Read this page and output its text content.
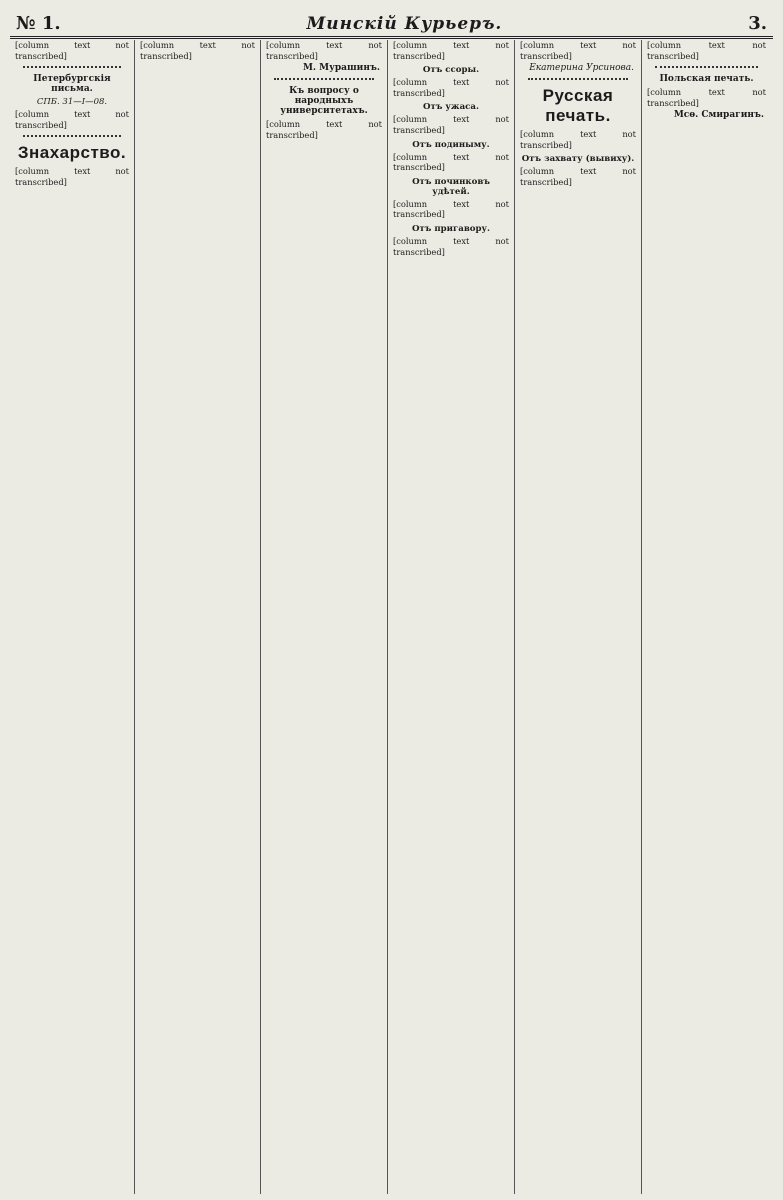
№ 1.	Минскій Курьеръ.	3.
[column text not transcribed]
Петербургскія письма.
СПБ. 31—I—08.
[column text not transcribed]
Знахарство.
[column text not transcribed]
[column text not transcribed]
[column text not transcribed]
М. Мурашинъ.
Къ вопросу о народныхъ университетахъ.
[column text not transcribed]
[column text not transcribed]
Отъ ссоры.
[column text not transcribed]
Отъ ужаса.
[column text not transcribed]
Отъ подиныму.
[column text not transcribed]
Отъ починковъ удѣтей.
[column text not transcribed]
Отъ пригавору.
[column text not transcribed]
[column text not transcribed]
Екатерина Урсинова.
Русская печать.
[column text not transcribed]
Отъ захвату (вывиху).
[column text not transcribed]
[column text not transcribed]
Польская печать.
[column text not transcribed]
Мсѳ. Смирагинъ.
